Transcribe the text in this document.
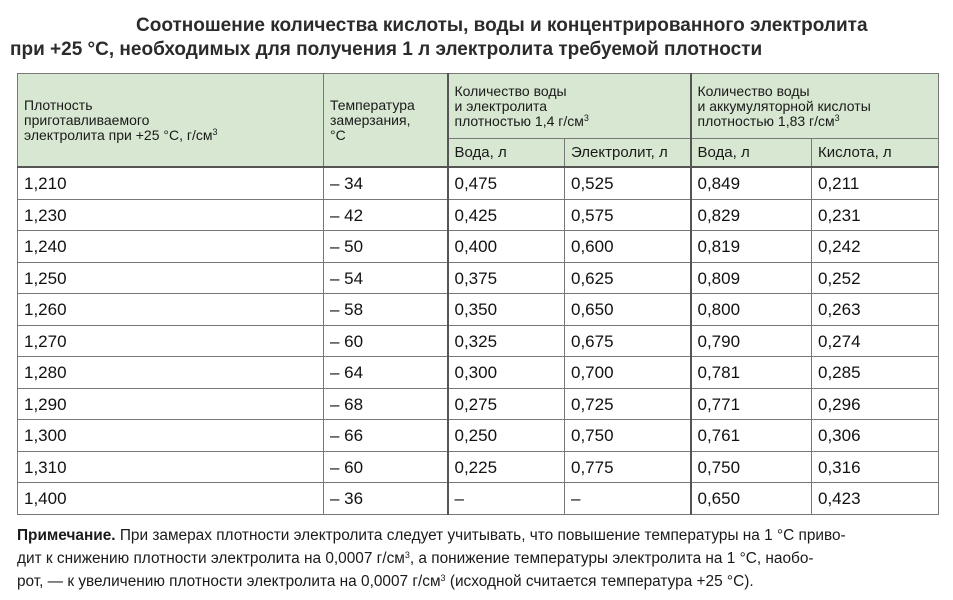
Соотношение количества кислоты, воды и концентрированного электролита
при +25 °С, необходимых для получения 1 л электролита требуемой плотности
Плотность
приготавливаемого
электролита при +25 °С, $г/см^3$	Температура
замерзания,
°С	Количество воды
и электролита
плотностью 1,4 $г/см^3$		Количество воды
и аккумуляторной кислоты
плотностью 1,83 $г/см^3$
		Вода, л	Электролит, л	Вода, л	Кислота, л
1,210	– 34	0,475	0,525	0,849	0,211
1,230	– 42	0,425	0,575	0,829	0,231
1,240	– 50	0,400	0,600	0,819	0,242
1,250	– 54	0,375	0,625	0,809	0,252
1,260	– 58	0,350	0,650	0,800	0,263
1,270	– 60	0,325	0,675	0,790	0,274
1,280	– 64	0,300	0,700	0,781	0,285
1,290	– 68	0,275	0,725	0,771	0,296
1,300	– 66	0,250	0,750	0,761	0,306
1,310	– 60	0,225	0,775	0,750	0,316
1,400	– 36	–	–	0,650	0,423
Примечание. При замерах плотности электролита следует учитывать, что повышение температуры на 1 °С приво-
дит к снижению плотности электролита на 0,0007 $г/см^3$, а понижение температуры электролита на 1 °С, наобо-
рот, — к увеличению плотности электролита на 0,0007 $г/см^3$ (исходной считается температура +25 °С).
